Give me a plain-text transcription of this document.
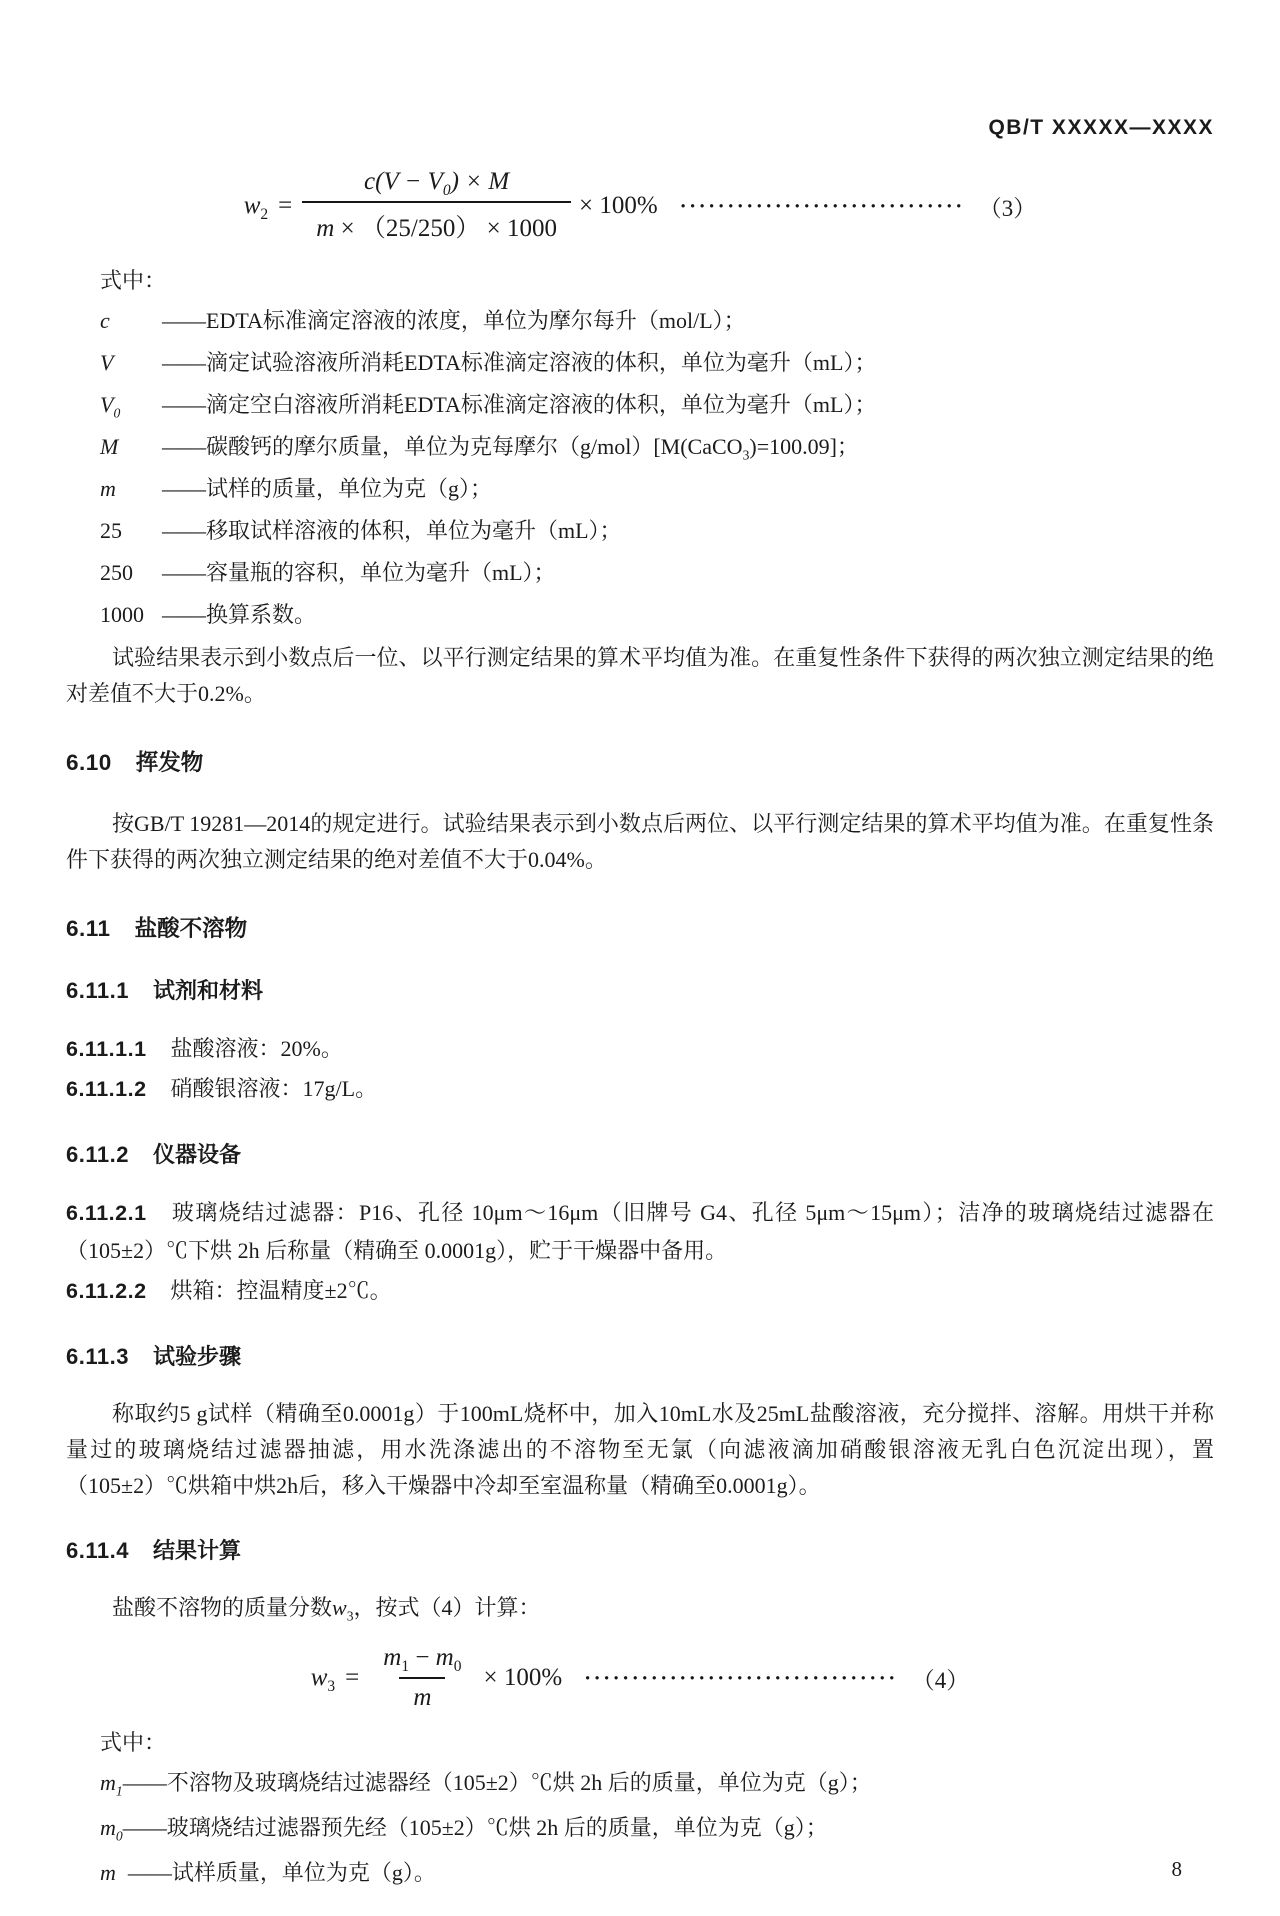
QB/T XXXXX—XXXX
$w_2 = \frac{c(V - V_0) \times M}{m \times (25/250) \times 1000} \times 100\%$ ······························ （3）
式中：
c	——EDTA标准滴定溶液的浓度，单位为摩尔每升（mol/L）；
V	——滴定试验溶液所消耗EDTA标准滴定溶液的体积，单位为毫升（mL）；
$V_0$	——滴定空白溶液所消耗EDTA标准滴定溶液的体积，单位为毫升（mL）；
M	——碳酸钙的摩尔质量，单位为克每摩尔（g/mol）[M(CaCO$_3$)=100.09]；
m	——试样的质量，单位为克（g）；
25	——移取试样溶液的体积，单位为毫升（mL）；
250	——容量瓶的容积，单位为毫升（mL）；
1000 ——换算系数。

试验结果表示到小数点后一位、以平行测定结果的算术平均值为准。在重复性条件下获得的两次独立测定结果的绝对差值不大于0.2%。

6.10 挥发物

按GB/T 19281—2014的规定进行。试验结果表示到小数点后两位、以平行测定结果的算术平均值为准。在重复性条件下获得的两次独立测定结果的绝对差值不大于0.04%。

6.11 盐酸不溶物
6.11.1 试剂和材料

6.11.1.1 盐酸溶液：20%。

6.11.1.2 硝酸银溶液：17g/L。

6.11.2 仪器设备

6.11.2.1 玻璃烧结过滤器：P16、孔径 10μm～16μm（旧牌号 G4、孔径 5μm～15μm）；洁净的玻璃烧结过滤器在（105±2）℃下烘 2h 后称量（精确至 0.0001g），贮于干燥器中备用。

6.11.2.2 烘箱：控温精度±2℃。

6.11.3 试验步骤

称取约5 g试样（精确至0.0001g）于100mL烧杯中，加入10mL水及25mL盐酸溶液，充分搅拌、溶解。用烘干并称量过的玻璃烧结过滤器抽滤，用水洗涤滤出的不溶物至无氯（向滤液滴加硝酸银溶液无乳白色沉淀出现），置（105±2）℃烘箱中烘2h后，移入干燥器中冷却至室温称量（精确至0.0001g）。

6.11.4 结果计算

盐酸不溶物的质量分数$w_3$，按式（4）计算：

$w_3 = \frac{m_1 - m_0}{m} \times 100\%$ ································· （4）
式中：
$m_1$ ——不溶物及玻璃烧结过滤器经（105±2）℃烘 2h 后的质量，单位为克（g）；
$m_0$ ——玻璃烧结过滤器预先经（105±2）℃烘 2h 后的质量，单位为克（g）；
m ——试样质量，单位为克（g）。	8
